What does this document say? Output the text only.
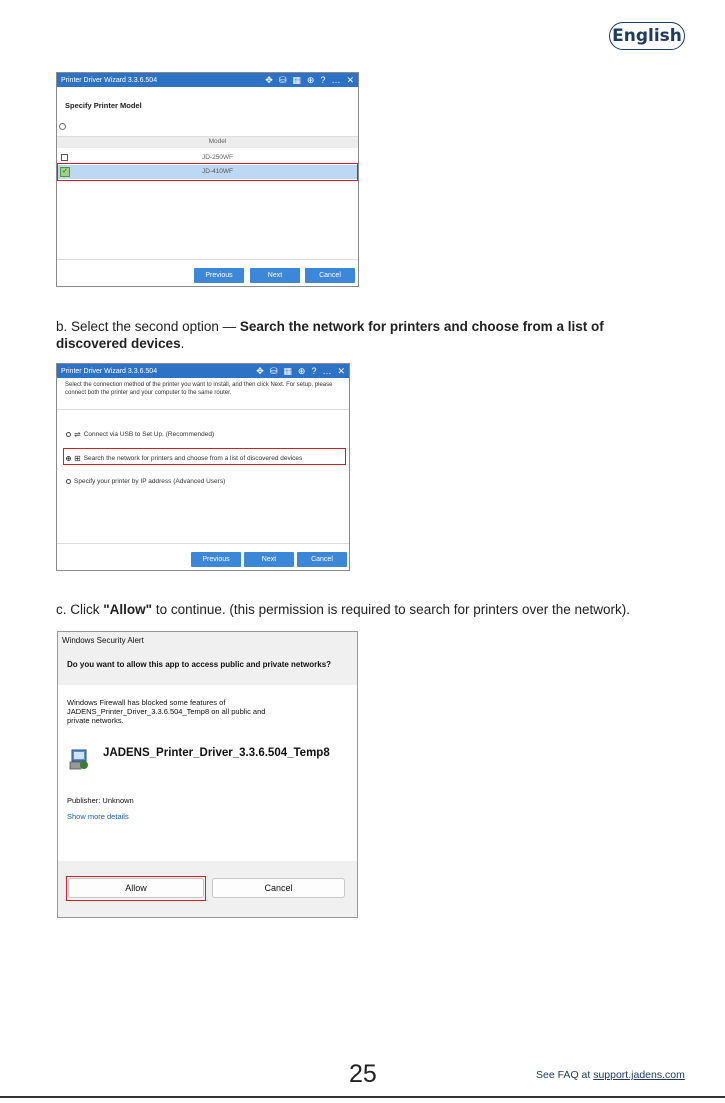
English
Printer Driver Wizard 3.3.6.504	✥ ⛁ ▦ ⊕ ? … ✕
Specify Printer Model
Model
JD-250WF
✓	JD-410WF
Previous	Next	Cancel
b. Select the second option — Search the network for printers and choose from a list of discovered devices.
Printer Driver Wizard 3.3.6.504	✥ ⛁ ▦ ⊕ ? … ✕
Select the connection method of the printer you want to install, and then click Next. For setup, please connect both the printer and your computer to the same router.
⇌ Connect via USB to Set Up. (Recommended)
⊞ Search the network for printers and choose from a list of discovered devices
Specify your printer by IP address (Advanced Users)
Previous	Next	Cancel
c. Click "Allow" to continue. (this permission is required to search for printers over the network).
Windows Security Alert
Do you want to allow this app to access public and private networks?
Windows Firewall has blocked some features of JADENS_Printer_Driver_3.3.6.504_Temp8 on all public and private networks.
JADENS_Printer_Driver_3.3.6.504_Temp8
Publisher: Unknown
Show more details
Allow	Cancel
25	See FAQ at support.jadens.com
